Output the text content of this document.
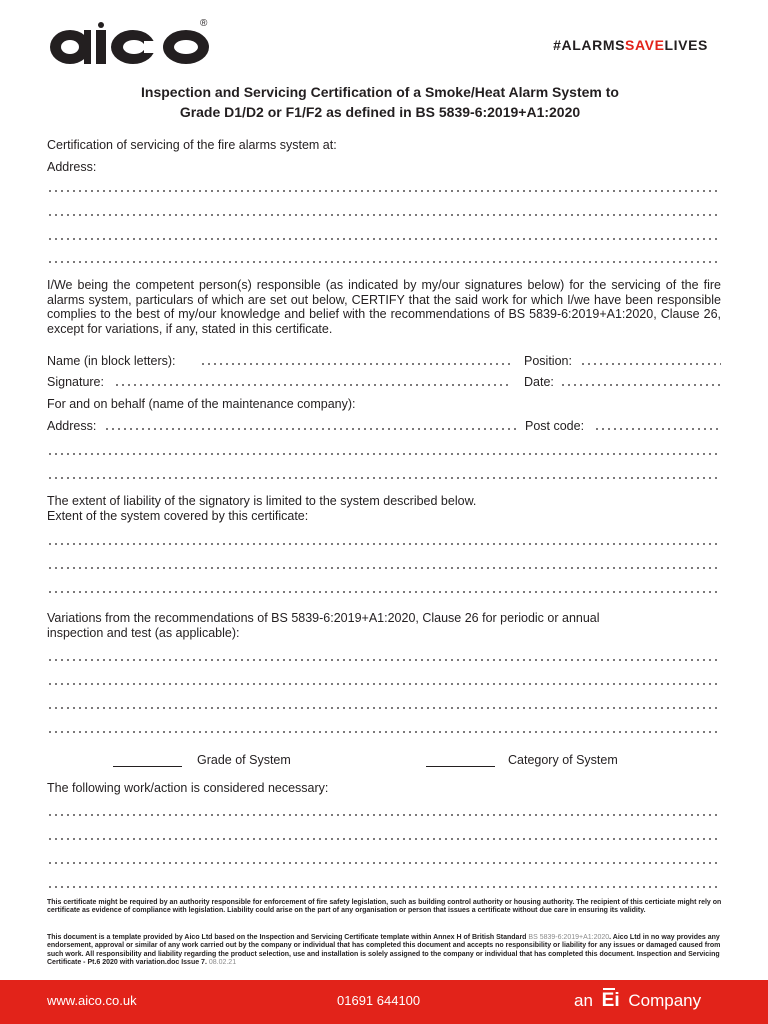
®
#ALARMSSAVELIVES
Inspection and Servicing Certification of a Smoke/Heat Alarm System to
Grade D1/D2 or F1/F2 as defined in BS 5839-6:2019+A1:2020
Certification of servicing of the fire alarms system at:
Address:
I/We being the competent person(s) responsible (as indicated by my/our signatures below) for the servicing of the fire alarms system, particulars of which are set out below, CERTIFY that the said work for which I/we have been responsible complies to the best of my/our knowledge and belief with the recommendations of BS 5839-6:2019+A1:2020, Clause 26, except for variations, if any, stated in this certificate.
Name (in block letters):	Position:
Signature:	Date:
For and on behalf (name of the maintenance company):
Address:	Post code:
The extent of liability of the signatory is limited to the system described below.
Extent of the system covered by this certificate:
Variations from the recommendations of BS 5839-6:2019+A1:2020, Clause 26 for periodic or annual
inspection and test (as applicable):
Grade of System	Category of System
The following work/action is considered necessary:
This certificate might be required by an authority responsible for enforcement of fire safety legislation, such as building control authority or housing authority. The recipient of this certiciate might rely on certificate as evidence of compliance with legislation. Liability could arise on the part of any organisation or person that issues a certificate without due care in ensuring its validity.
This document is a template provided by Aico Ltd based on the Inspection and Servicing Certificate template within Annex H of British Standard BS 5839-6:2019+A1:2020. Aico Ltd in no way provides any endorsement, approval or similar of any work carried out by the company or individual that has completed this document and accepts no responsibility or liability for any issues or damaged caused from such work. All responsibility and liability regarding the product selection, use and installation is solely assigned to the company or individual that has completed this document. Inspection and Servicing Certificate - Pt.6 2020 with variation.doc Issue 7. 08.02.21
www.aico.co.uk	01691 644100	an Ei Company
